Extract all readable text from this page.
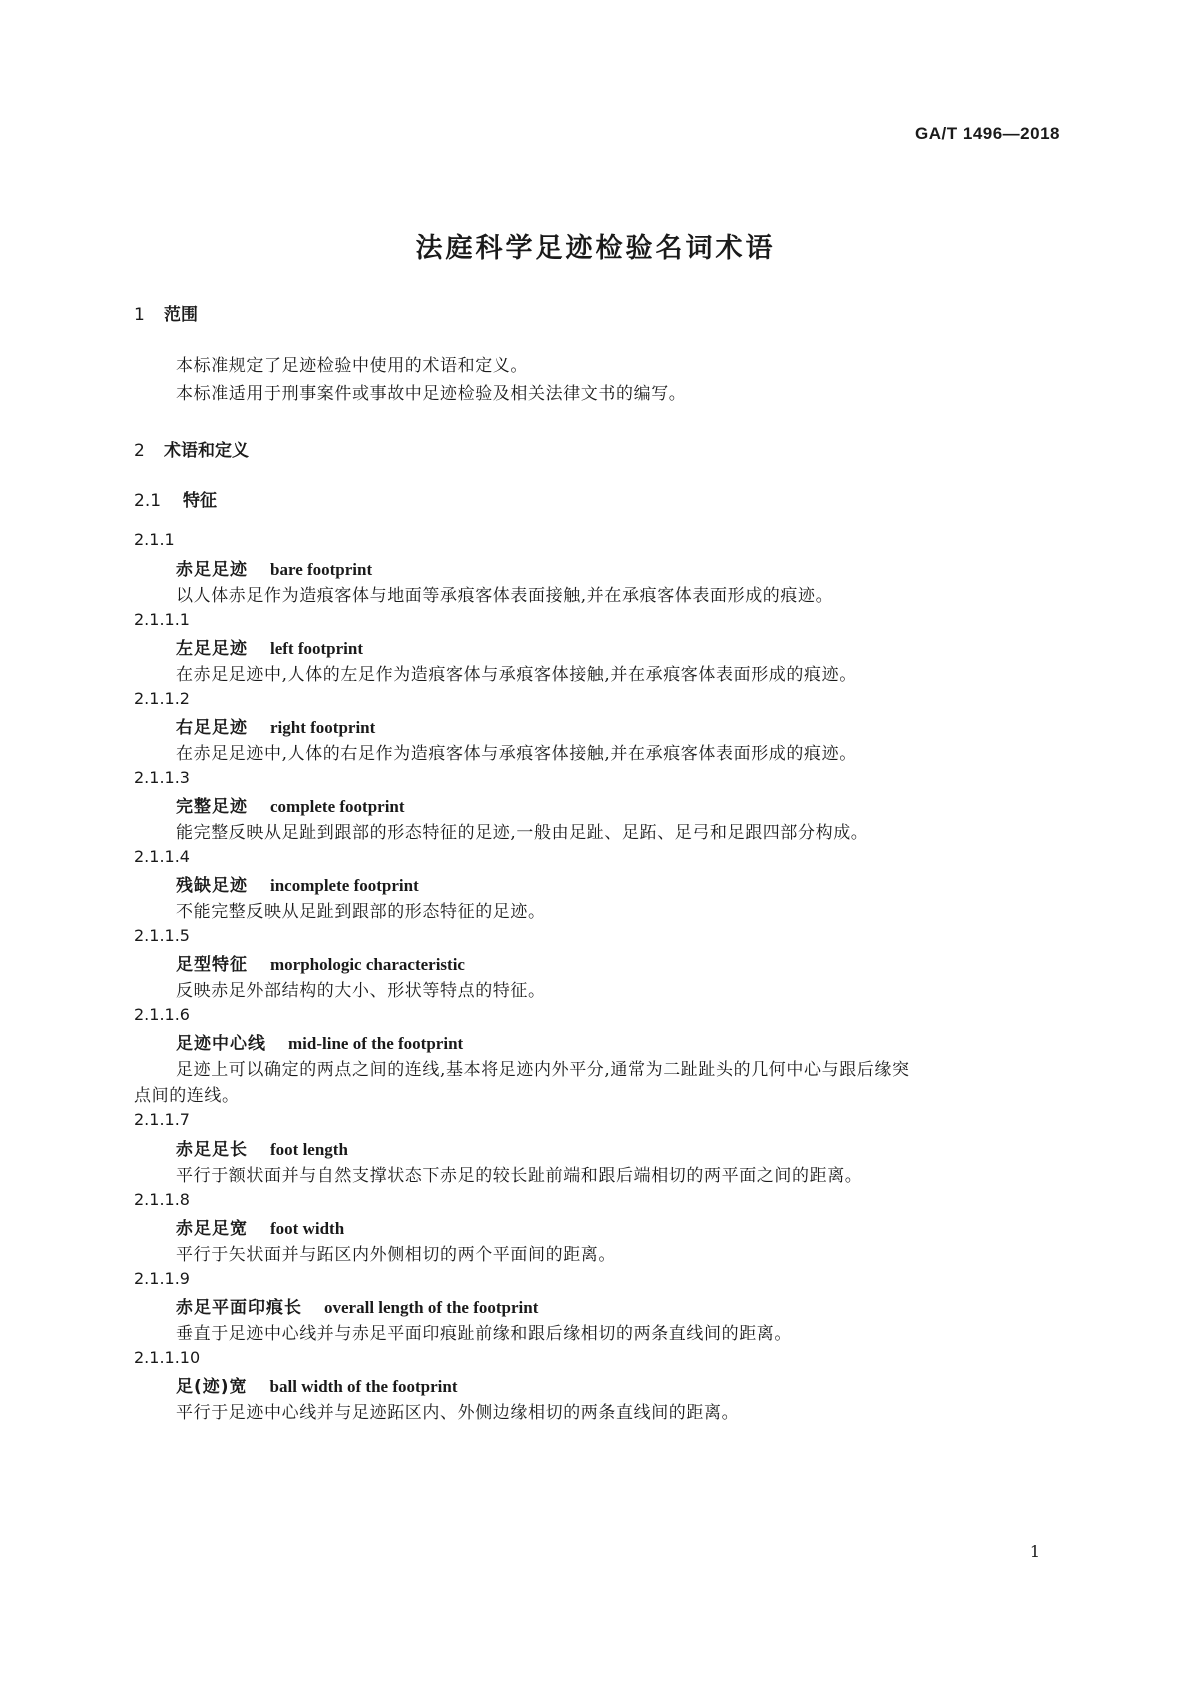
GA/T 1496—2018
法庭科学足迹检验名词术语
1 范围
本标准规定了足迹检验中使用的术语和定义。
本标准适用于刑事案件或事故中足迹检验及相关法律文书的编写。
2 术语和定义
2.1 特征
2.1.1
赤足足迹 bare footprint
以人体赤足作为造痕客体与地面等承痕客体表面接触,并在承痕客体表面形成的痕迹。
2.1.1.1
左足足迹 left footprint
在赤足足迹中,人体的左足作为造痕客体与承痕客体接触,并在承痕客体表面形成的痕迹。
2.1.1.2
右足足迹 right footprint
在赤足足迹中,人体的右足作为造痕客体与承痕客体接触,并在承痕客体表面形成的痕迹。
2.1.1.3
完整足迹 complete footprint
能完整反映从足趾到跟部的形态特征的足迹,一般由足趾、足跖、足弓和足跟四部分构成。
2.1.1.4
残缺足迹 incomplete footprint
不能完整反映从足趾到跟部的形态特征的足迹。
2.1.1.5
足型特征 morphologic characteristic
反映赤足外部结构的大小、形状等特点的特征。
2.1.1.6
足迹中心线 mid-line of the footprint
足迹上可以确定的两点之间的连线,基本将足迹内外平分,通常为二趾趾头的几何中心与跟后缘突
点间的连线。
2.1.1.7
赤足足长 foot length
平行于额状面并与自然支撑状态下赤足的较长趾前端和跟后端相切的两平面之间的距离。
2.1.1.8
赤足足宽 foot width
平行于矢状面并与跖区内外侧相切的两个平面间的距离。
2.1.1.9
赤足平面印痕长 overall length of the footprint
垂直于足迹中心线并与赤足平面印痕趾前缘和跟后缘相切的两条直线间的距离。
2.1.1.10
足(迹)宽 ball width of the footprint
平行于足迹中心线并与足迹跖区内、外侧边缘相切的两条直线间的距离。
1
